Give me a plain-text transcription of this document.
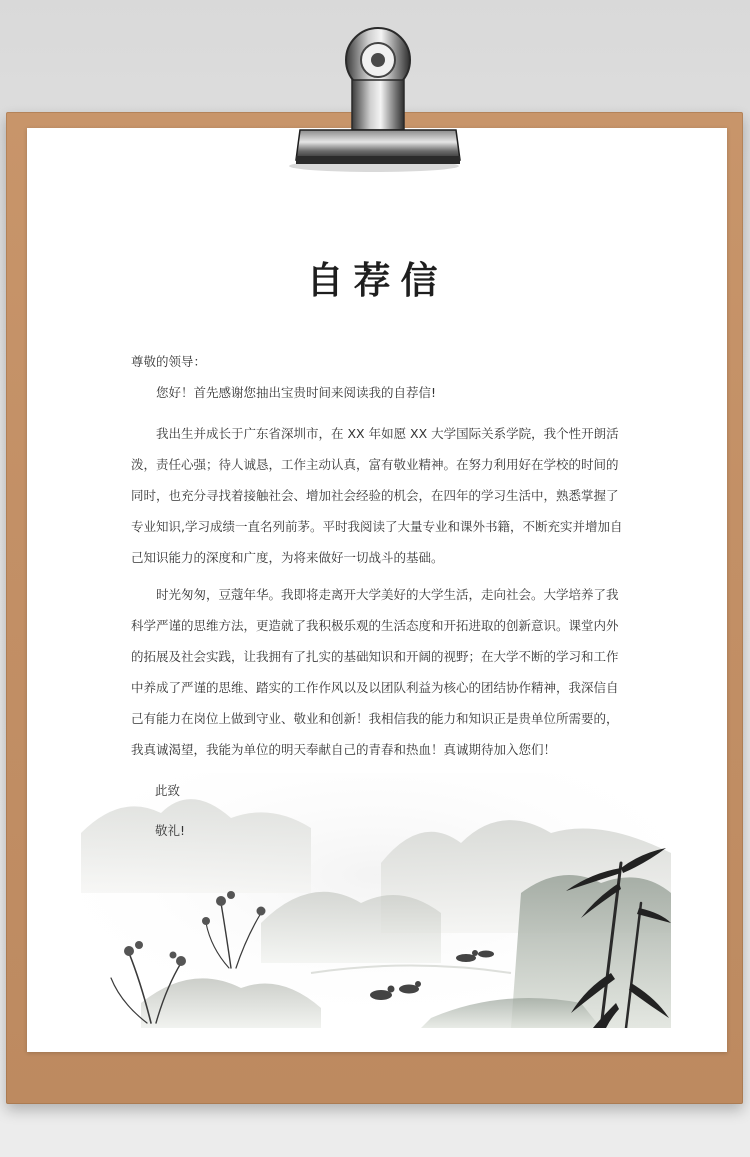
自荐信
尊敬的领导：
您好！首先感谢您抽出宝贵时间来阅读我的自荐信!
我出生并成长于广东省深圳市，在 XX 年如愿 XX 大学国际关系学院，我个性开朗活泼，责任心强；待人诚恳，工作主动认真，富有敬业精神。在努力利用好在学校的时间的同时，也充分寻找着接触社会、增加社会经验的机会，在四年的学习生活中，熟悉掌握了专业知识,学习成绩一直名列前茅。平时我阅读了大量专业和课外书籍，不断充实并增加自己知识能力的深度和广度，为将来做好一切战斗的基础。
时光匆匆，豆蔻年华。我即将走离开大学美好的大学生活，走向社会。大学培养了我科学严谨的思维方法，更造就了我积极乐观的生活态度和开拓进取的创新意识。课堂内外的拓展及社会实践，让我拥有了扎实的基础知识和开阔的视野；在大学不断的学习和工作中养成了严谨的思维、踏实的工作作风以及以团队利益为核心的团结协作精神，我深信自己有能力在岗位上做到守业、敬业和创新！我相信我的能力和知识正是贵单位所需要的，我真诚渴望，我能为单位的明天奉献自己的青春和热血！真诚期待加入您们！
此致
敬礼!
